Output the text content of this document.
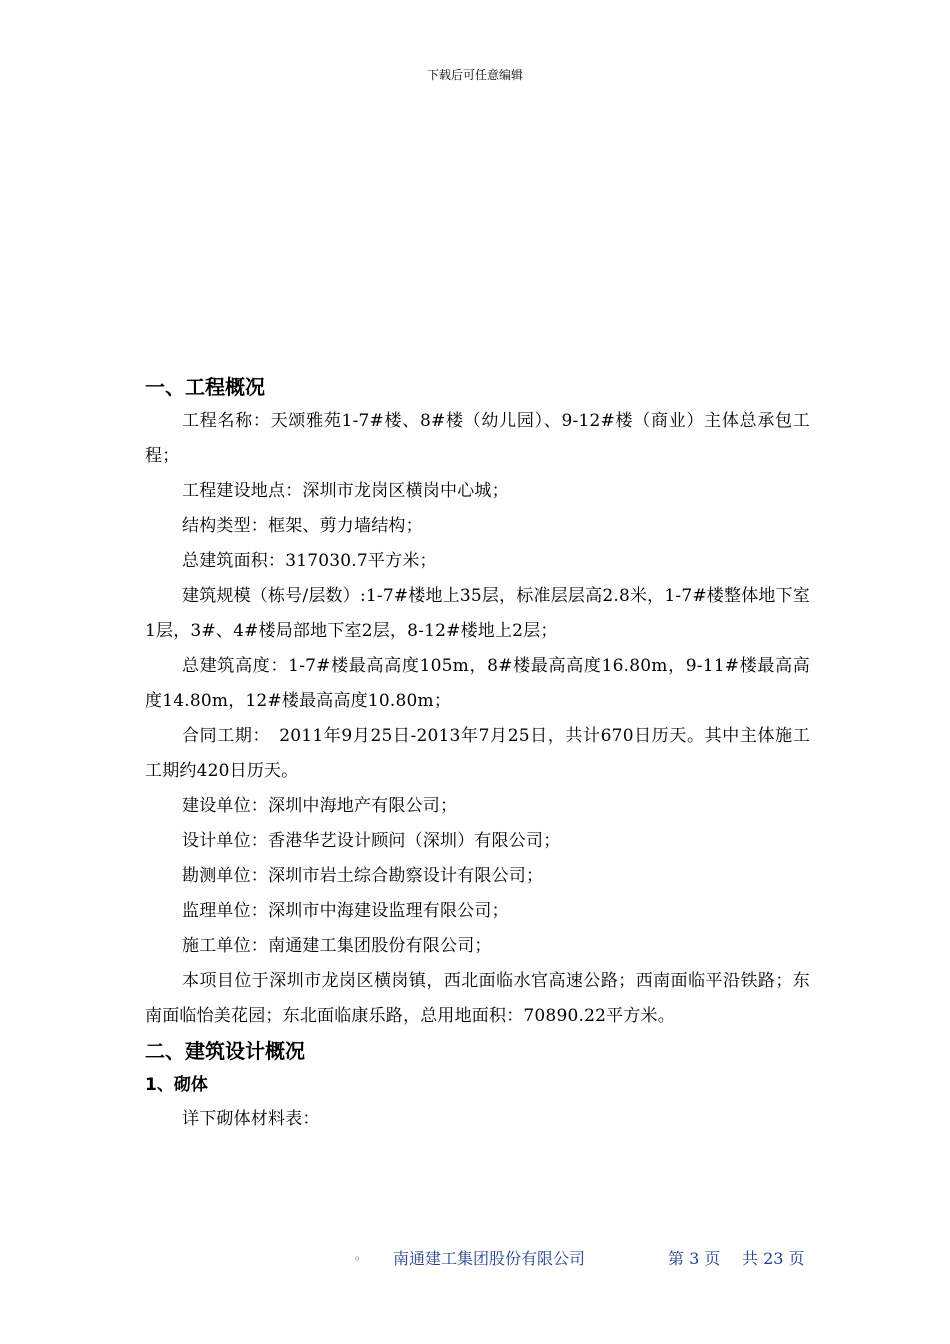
下载后可任意编辑
一、工程概况

工程名称：天颂雅苑1-7#楼、8#楼（幼儿园）、9-12#楼（商业）主体总承包工程；

工程建设地点：深圳市龙岗区横岗中心城；

结构类型：框架、剪力墙结构；

总建筑面积：317030.7平方米；

建筑规模（栋号/层数）:1-7#楼地上35层，标准层层高2.8米，1-7#楼整体地下室1层，3#、4#楼局部地下室2层，8-12#楼地上2层；

总建筑高度：1-7#楼最高高度105m，8#楼最高高度16.80m，9-11#楼最高高度14.80m，12#楼最高高度10.80m；

合同工期：　2011年9月25日-2013年7月25日，共计670日历天。其中主体施工工期约420日历天。

建设单位：深圳中海地产有限公司；

设计单位：香港华艺设计顾问（深圳）有限公司；

勘测单位：深圳市岩土综合勘察设计有限公司；

监理单位：深圳市中海建设监理有限公司；

施工单位：南通建工集团股份有限公司；

本项目位于深圳市龙岗区横岗镇，西北面临水官高速公路；西南面临平沿铁路；东南面临怡美花园；东北面临康乐路，总用地面积：70890.22平方米。

二、建筑设计概况
1、砌体

详下砌体材料表：

。 南通建工集团股份有限公司	第 3 页 共 23 页
